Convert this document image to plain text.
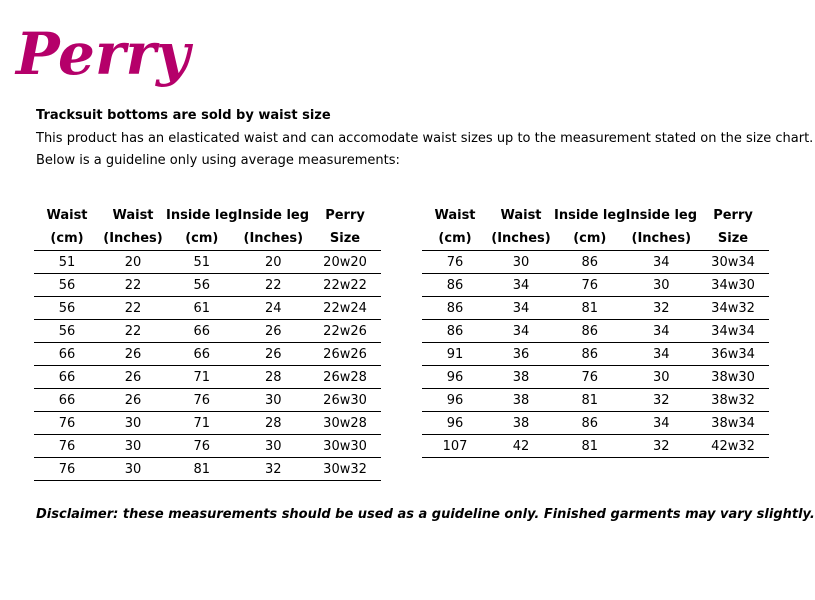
Perry
Tracksuit bottoms are sold by waist size
This product has an elasticated waist and can accomodate waist sizes up to the measurement stated on the size chart.
Below is a guideline only using average measurements:
Waist	Waist	Inside leg	Inside leg	Perry
(cm)	(Inches)	(cm)	(Inches)	Size
51	20	51	20	20w20
56	22	56	22	22w22
56	22	61	24	22w24
56	22	66	26	22w26
66	26	66	26	26w26
66	26	71	28	26w28
66	26	76	30	26w30
76	30	71	28	30w28
76	30	76	30	30w30
76	30	81	32	30w32
Waist	Waist	Inside leg	Inside leg	Perry
(cm)	(Inches)	(cm)	(Inches)	Size
76	30	86	34	30w34
86	34	76	30	34w30
86	34	81	32	34w32
86	34	86	34	34w34
91	36	86	34	36w34
96	38	76	30	38w30
96	38	81	32	38w32
96	38	86	34	38w34
107	42	81	32	42w32
Disclaimer: these measurements should be used as a guideline only. Finished garments may vary slightly.
